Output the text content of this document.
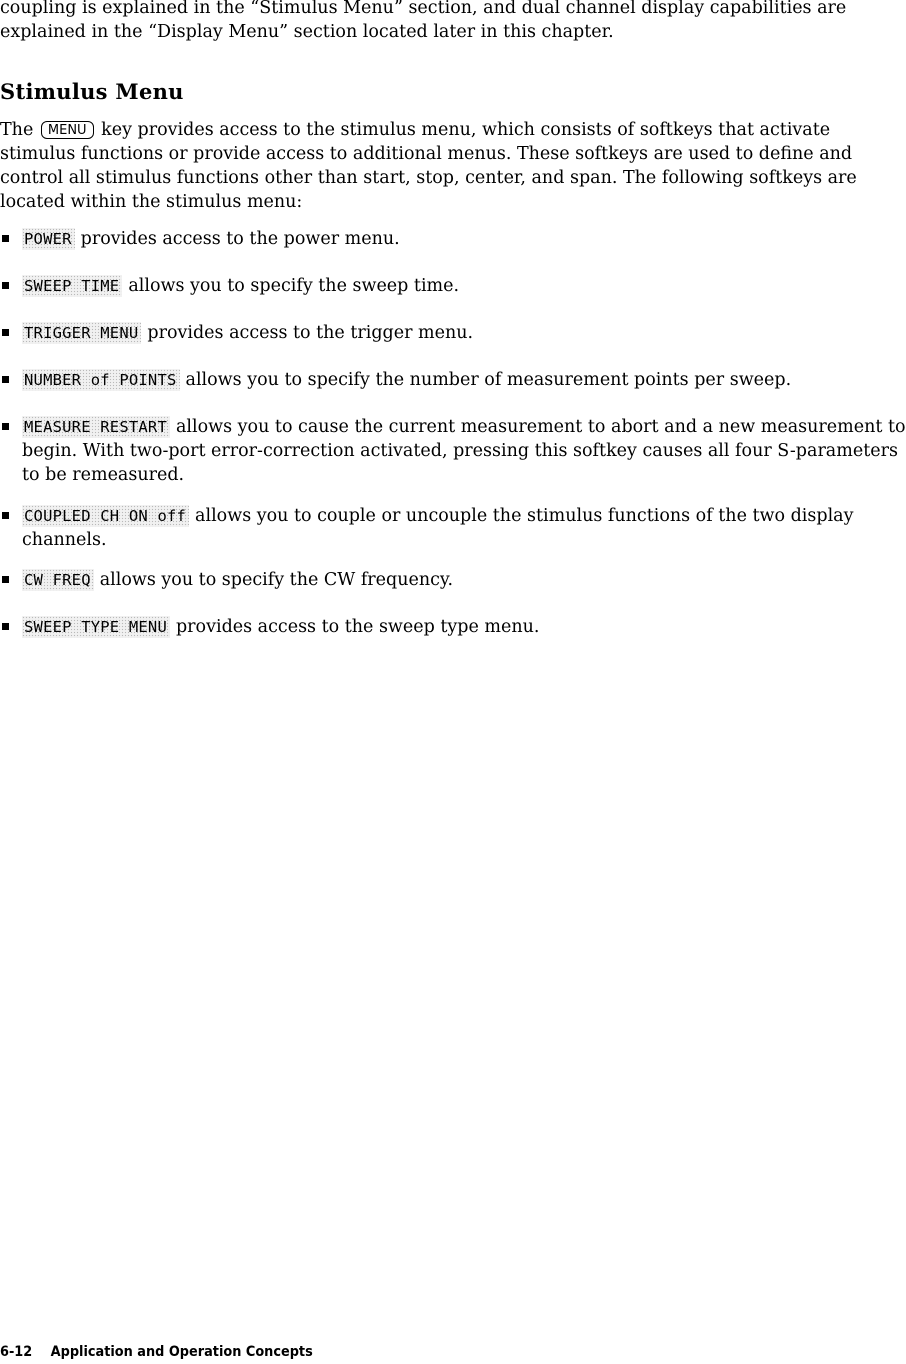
coupling is explained in the “Stimulus Menu” section, and dual channel display capabilities are explained in the “Display Menu” section located later in this chapter.

Stimulus Menu

The MENU key provides access to the stimulus menu, which consists of softkeys that activate stimulus functions or provide access to additional menus. These softkeys are used to define and control all stimulus functions other than start, stop, center, and span. The following softkeys are located within the stimulus menu:

POWER provides access to the power menu.

SWEEP TIME allows you to specify the sweep time.

TRIGGER MENU provides access to the trigger menu.

NUMBER of POINTS allows you to specify the number of measurement points per sweep.

MEASURE RESTART allows you to cause the current measurement to abort and a new measurement to begin. With two-port error-correction activated, pressing this softkey causes all four S-parameters to be remeasured.

COUPLED CH ON off allows you to couple or uncouple the stimulus functions of the two display channels.

CW FREQ allows you to specify the CW frequency.

SWEEP TYPE MENU provides access to the sweep type menu.

6-12 Application and Operation Concepts
